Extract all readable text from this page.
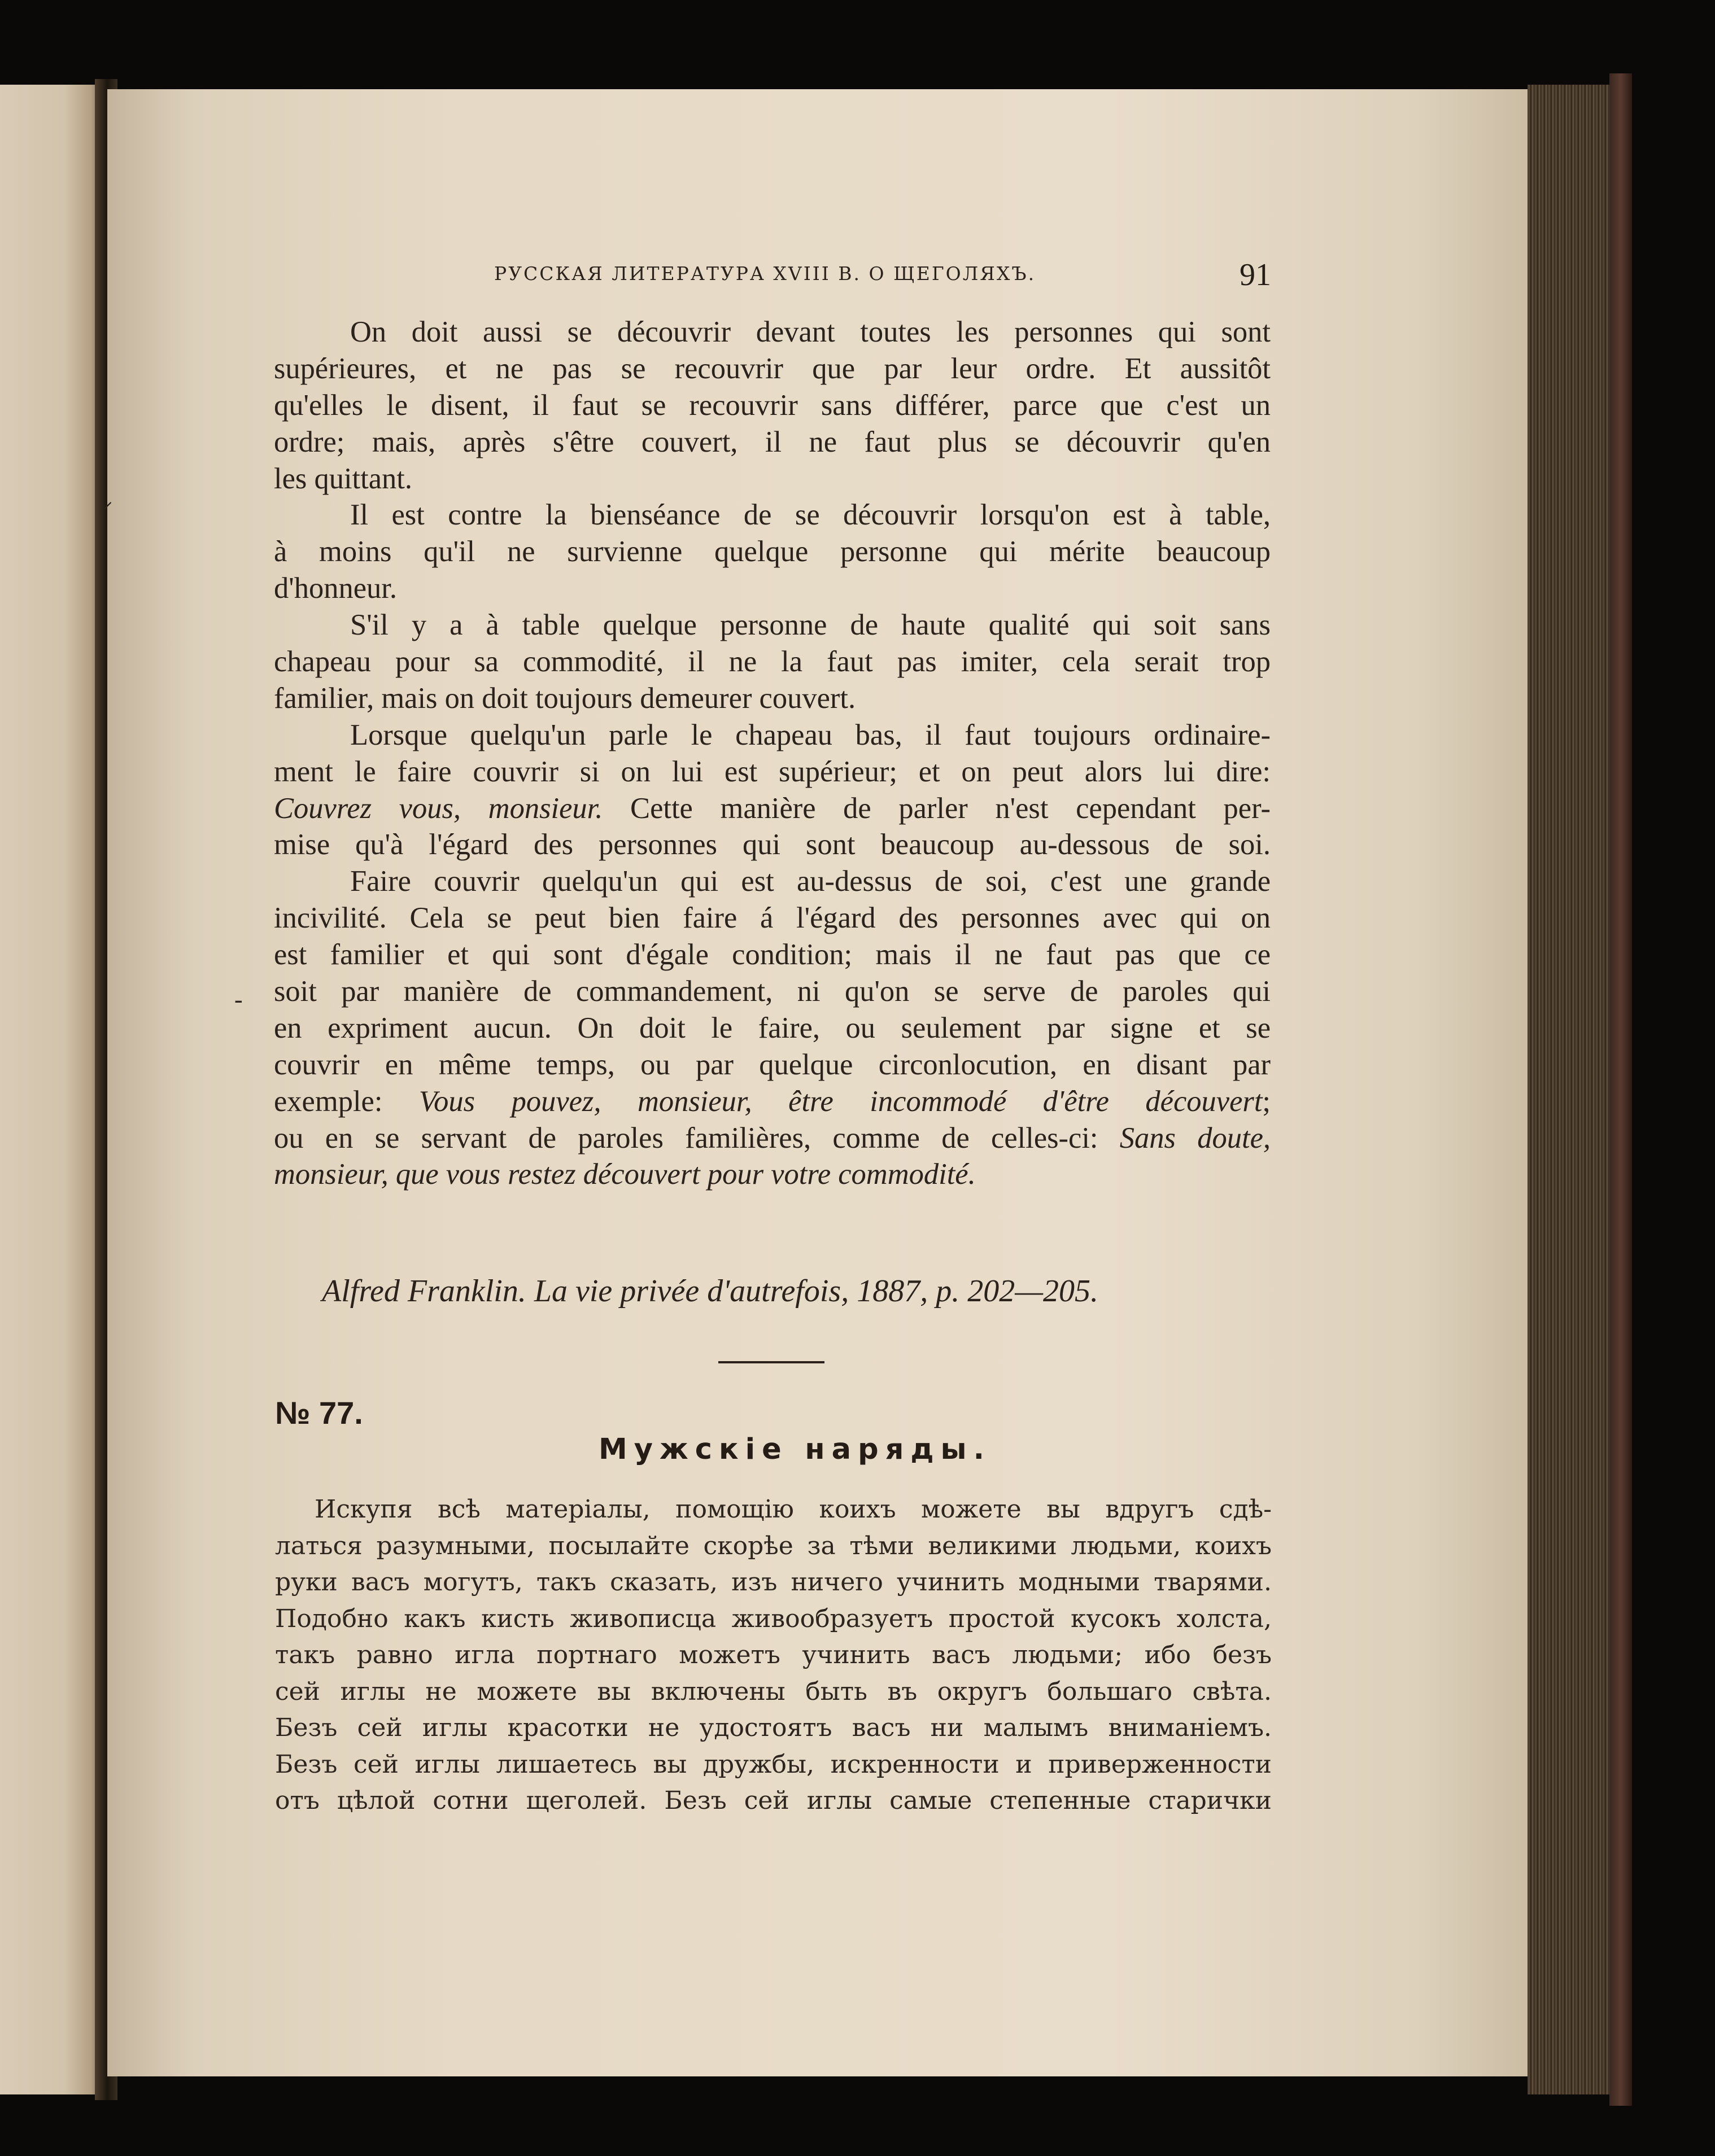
РУССКАЯ ЛИТЕРАТУРА XVIII В. О ЩЕГОЛЯХЪ.	91
On doit aussi se découvrir devant toutes les personnes qui sont
supérieures, et ne pas se recouvrir que par leur ordre. Et aussitôt
qu'elles le disent, il faut se recouvrir sans différer, parce que c'est un
ordre; mais, après s'être couvert, il ne faut plus se découvrir qu'en
les quittant.
Il est contre la bienséance de se découvrir lorsqu'on est à table,
à moins qu'il ne survienne quelque personne qui mérite beaucoup
d'honneur.
S'il y a à table quelque personne de haute qualité qui soit sans
chapeau pour sa commodité, il ne la faut pas imiter, cela serait trop
familier, mais on doit toujours demeurer couvert.
Lorsque quelqu'un parle le chapeau bas, il faut toujours ordinaire-
ment le faire couvrir si on lui est supérieur; et on peut alors lui dire:
Couvrez vous, monsieur. Cette manière de parler n'est cependant per-
mise qu'à l'égard des personnes qui sont beaucoup au-dessous de soi.
Faire couvrir quelqu'un qui est au-dessus de soi, c'est une grande
incivilité. Cela se peut bien faire á l'égard des personnes avec qui on
est familier et qui sont d'égale condition; mais il ne faut pas que ce
soit par manière de commandement, ni qu'on se serve de paroles qui
en expriment aucun. On doit le faire, ou seulement par signe et se
couvrir en même temps, ou par quelque circonlocution, en disant par
exemple: Vous pouvez, monsieur, être incommodé d'être découvert;
ou en se servant de paroles familières, comme de celles-ci: Sans doute,
monsieur, que vous restez découvert pour votre commodité.
Alfred Franklin. La vie privée d'autrefois, 1887, p. 202—205.
№ 77.
Мужскiе наряды.
Искупя всѣ матерiалы, помощiю коихъ можете вы вдругъ сдѣ-
латься разумными, посылайте скорѣе за тѣми великими людьми, коихъ
руки васъ могутъ, такъ сказать, изъ ничего учинить модными тварями.
Подобно какъ кисть живописца живообразуетъ простой кусокъ холста,
такъ равно игла портнаго можетъ учинить васъ людьми; ибо безъ
сей иглы не можете вы включены быть въ округъ большаго свѣта.
Безъ сей иглы красотки не удостоятъ васъ ни малымъ вниманiемъ.
Безъ сей иглы лишаетесь вы дружбы, искренности и приверженности
отъ цѣлой сотни щеголей. Безъ сей иглы самые степенные старички
⸝
-
